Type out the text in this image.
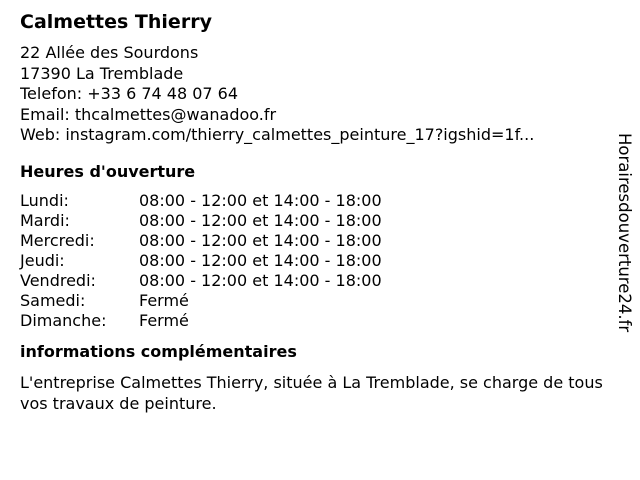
Calmettes Thierry
22 Allée des Sourdons
17390 La Tremblade
Telefon: +33 6 74 48 07 64
Email: thcalmettes@wanadoo.fr
Web: instagram.com/thierry_calmettes_peinture_17?igshid=1f...
Heures d'ouverture
Lundi:	08:00 - 12:00 et 14:00 - 18:00
Mardi:	08:00 - 12:00 et 14:00 - 18:00
Mercredi:	08:00 - 12:00 et 14:00 - 18:00
Jeudi:	08:00 - 12:00 et 14:00 - 18:00
Vendredi:	08:00 - 12:00 et 14:00 - 18:00
Samedi:	Fermé
Dimanche:	Fermé
informations complémentaires
L'entreprise Calmettes Thierry, située à La Tremblade, se charge de tous vos travaux de peinture.
Horairesdouverture24.fr
